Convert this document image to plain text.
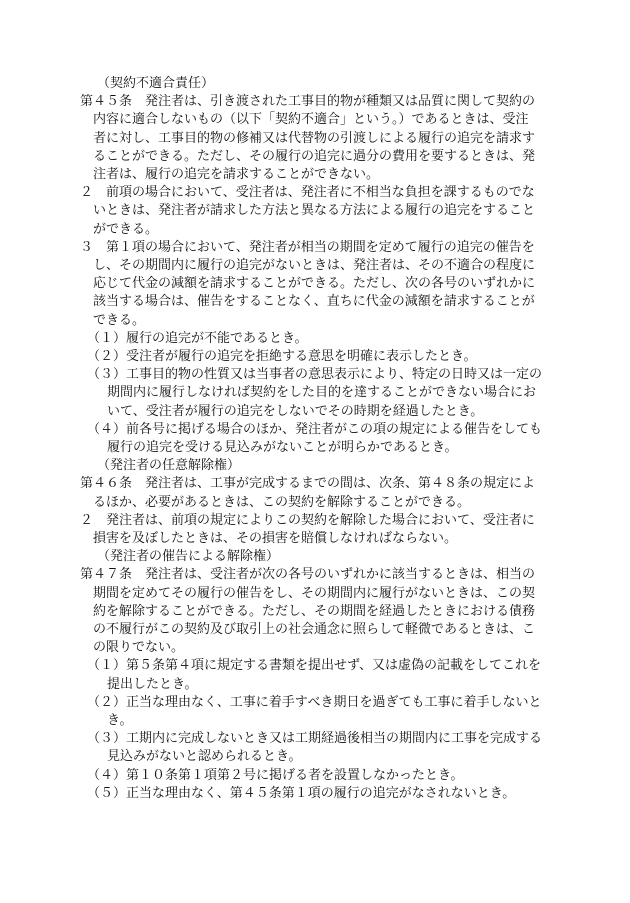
（契約不適合責任）
第４５条　発注者は、引き渡された工事目的物が種類又は品質に関して契約の
内容に適合しないもの（以下「契約不適合」という。）であるときは、受注
者に対し、工事目的物の修補又は代替物の引渡しによる履行の追完を請求す
ることができる。ただし、その履行の追完に過分の費用を要するときは、発
注者は、履行の追完を請求することができない。
２　前項の場合において、受注者は、発注者に不相当な負担を課するものでな
いときは、発注者が請求した方法と異なる方法による履行の追完をすること
ができる。
３　第１項の場合において、発注者が相当の期間を定めて履行の追完の催告を
し、その期間内に履行の追完がないときは、発注者は、その不適合の程度に
応じて代金の減額を請求することができる。ただし、次の各号のいずれかに
該当する場合は、催告をすることなく、直ちに代金の減額を請求することが
できる。
（１）履行の追完が不能であるとき。
（２）受注者が履行の追完を拒絶する意思を明確に表示したとき。
（３）工事目的物の性質又は当事者の意思表示により、特定の日時又は一定の
期間内に履行しなければ契約をした目的を達することができない場合にお
いて、受注者が履行の追完をしないでその時期を経過したとき。
（４）前各号に掲げる場合のほか、発注者がこの項の規定による催告をしても
履行の追完を受ける見込みがないことが明らかであるとき。
（発注者の任意解除権）
第４６条　発注者は、工事が完成するまでの間は、次条、第４８条の規定によ
るほか、必要があるときは、この契約を解除することができる。
２　発注者は、前項の規定によりこの契約を解除した場合において、受注者に
損害を及ぼしたときは、その損害を賠償しなければならない。
（発注者の催告による解除権）
第４７条　発注者は、受注者が次の各号のいずれかに該当するときは、相当の
期間を定めてその履行の催告をし、その期間内に履行がないときは、この契
約を解除することができる。ただし、その期間を経過したときにおける債務
の不履行がこの契約及び取引上の社会通念に照らして軽微であるときは、こ
の限りでない。
（１）第５条第４項に規定する書類を提出せず、又は虚偽の記載をしてこれを
提出したとき。
（２）正当な理由なく、工事に着手すべき期日を過ぎても工事に着手しないと
き。
（３）工期内に完成しないとき又は工期経過後相当の期間内に工事を完成する
見込みがないと認められるとき。
（４）第１０条第１項第２号に掲げる者を設置しなかったとき。
（５）正当な理由なく、第４５条第１項の履行の追完がなされないとき。
